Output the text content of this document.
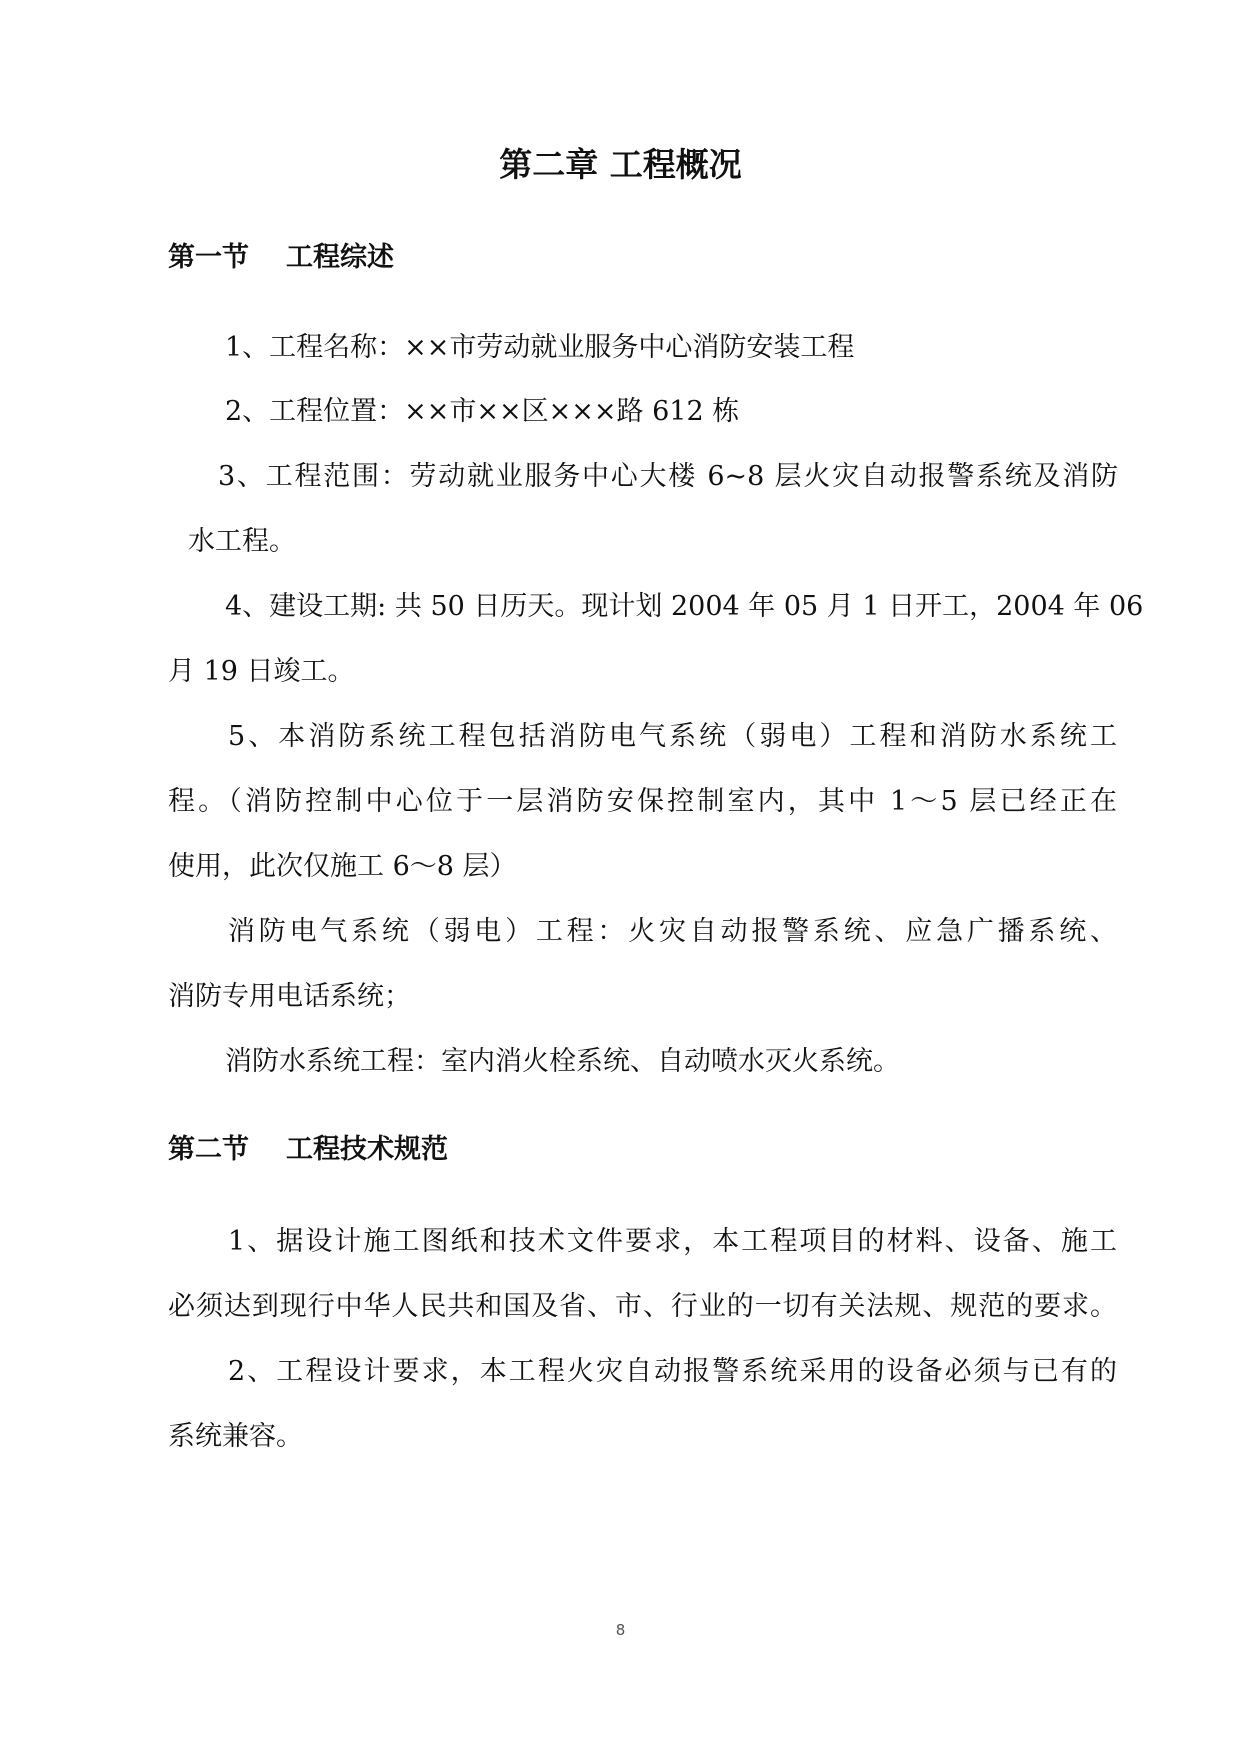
第二章 工程概况
第一节 工程综述

1、工程名称：××市劳动就业服务中心消防安装工程

2、工程位置：××市××区×××路 612 栋

3、工程范围：劳动就业服务中心大楼 6~8 层火灾自动报警系统及消防

水工程。

4、建设工期: 共 50 日历天。现计划 2004 年 05 月 1 日开工，2004 年 06

月 19 日竣工。

5、本消防系统工程包括消防电气系统（弱电）工程和消防水系统工

程。（消防控制中心位于一层消防安保控制室内，其中 1～5 层已经正在

使用，此次仅施工 6～8 层）

消防电气系统（弱电）工程：火灾自动报警系统、应急广播系统、

消防专用电话系统；

消防水系统工程：室内消火栓系统、自动喷水灭火系统。

第二节 工程技术规范

1、据设计施工图纸和技术文件要求，本工程项目的材料、设备、施工

必须达到现行中华人民共和国及省、市、行业的一切有关法规、规范的要求。

2、工程设计要求，本工程火灾自动报警系统采用的设备必须与已有的

系统兼容。

8
